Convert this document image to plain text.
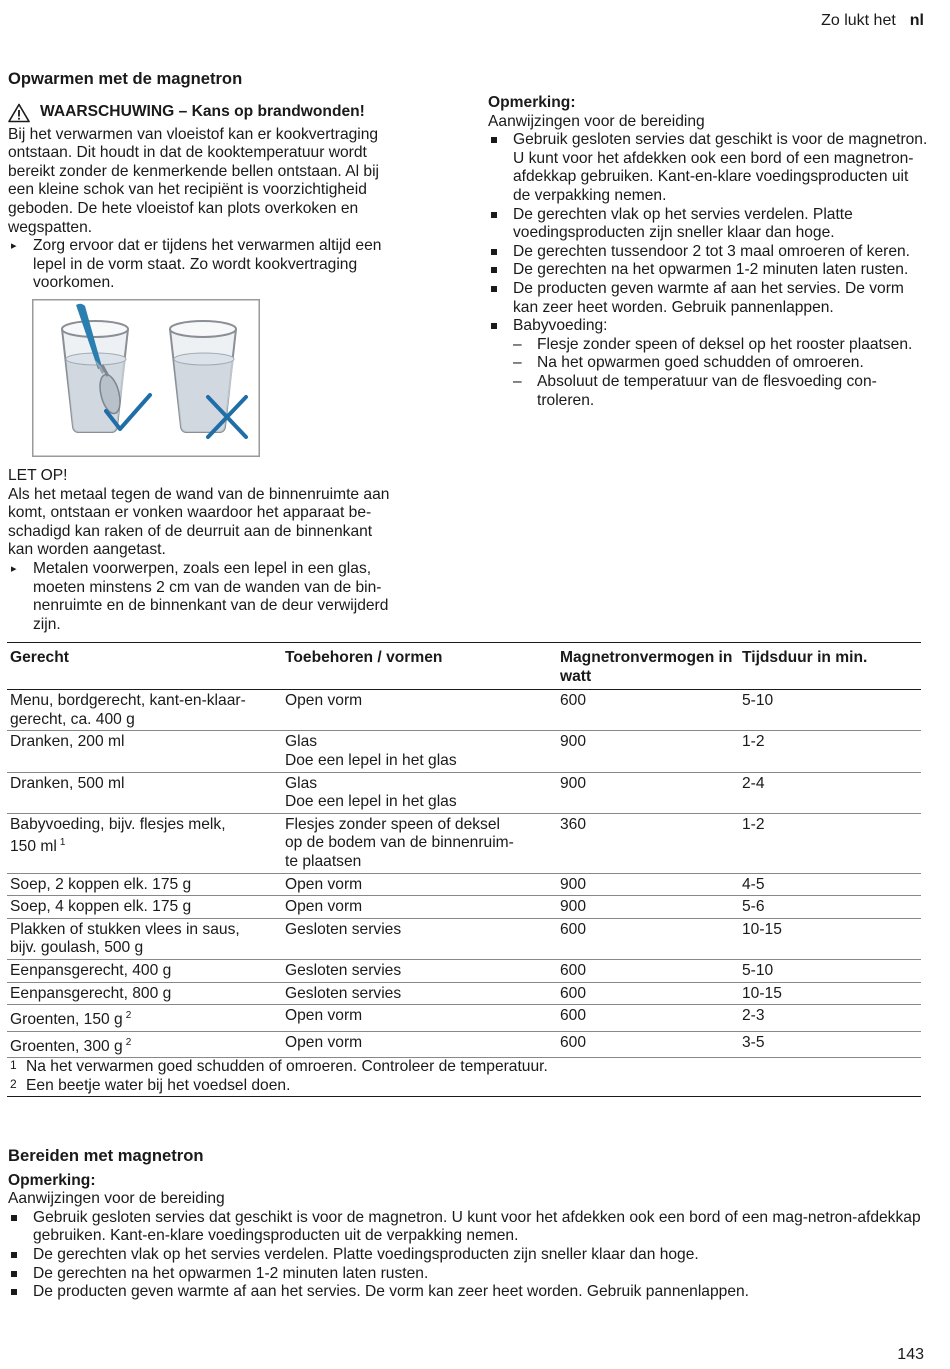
Zo lukt het nl

Opwarmen met de magnetron

WAARSCHUWING – Kans op brandwonden!

Bij het verwarmen van vloeistof kan er kookvertraging

ontstaan. Dit houdt in dat de kooktemperatuur wordt

bereikt zonder de kenmerkende bellen ontstaan. Al bij

een kleine schok van het recipiënt is voorzichtigheid

geboden. De hete vloeistof kan plots overkoken en

wegspatten.

▸ Zorg ervoor dat er tijdens het verwarmen altijd een

lepel in de vorm staat. Zo wordt kookvertraging

voorkomen.

LET OP!

Als het metaal tegen de wand van de binnenruimte aan

komt, ontstaan er vonken waardoor het apparaat be-

schadigd kan raken of de deurruit aan de binnenkant

kan worden aangetast.

▸ Metalen voorwerpen, zoals een lepel in een glas,

moeten minstens 2 cm van de wanden van de bin-

nenruimte en de binnenkant van de deur verwijderd

zijn.

Opmerking:

Aanwijzingen voor de bereiding

Gebruik gesloten servies dat geschikt is voor de magnetron. U kunt voor het afdekken ook een bord of een magnetron-afdekkap gebruiken. Kant-en-klare voedingsproducten uit de verpakking nemen.
De gerechten vlak op het servies verdelen. Platte voedingsproducten zijn sneller klaar dan hoge.
De gerechten tussendoor 2 tot 3 maal omroeren of keren.
De gerechten na het opwarmen 1-2 minuten laten rusten.
De producten geven warmte af aan het servies. De vorm kan zeer heet worden. Gebruik pannenlappen.
Babyvoeding:
– Flesje zonder speen of deksel op het rooster plaatsen.
– Na het opwarmen goed schudden of omroeren.
– Absoluut de temperatuur van de flesvoeding con-troleren.
Gerecht	Toebehoren / vormen	Magnetronvermogen in watt	Tijdsduur in min.
Menu, bordgerecht, kant-en-klaar-
gerecht, ca. 400 g	Open vorm	600	5-10
Dranken, 200 ml	Glas
Doe een lepel in het glas	900	1-2
Dranken, 500 ml	Glas
Doe een lepel in het glas	900	2-4
Babyvoeding, bijv. flesjes melk,
150 ml $^1$	Flesjes zonder speen of deksel
op de bodem van de binnenruim-
te plaatsen	360	1-2
Soep, 2 koppen elk. 175 g	Open vorm	900	4-5
Soep, 4 koppen elk. 175 g	Open vorm	900	5-6
Plakken of stukken vlees in saus,
bijv. goulash, 500 g	Gesloten servies	600	10-15
Eenpansgerecht, 400 g	Gesloten servies	600	5-10
Eenpansgerecht, 800 g	Gesloten servies	600	10-15
Groenten, 150 g $^2$	Open vorm	600	2-3
Groenten, 300 g $^2$	Open vorm	600	3-5

1 Na het verwarmen goed schudden of omroeren. Controleer de temperatuur.
2 Een beetje water bij het voedsel doen.			

Bereiden met magnetron

Opmerking:

Aanwijzingen voor de bereiding

Gebruik gesloten servies dat geschikt is voor de magnetron. U kunt voor het afdekken ook een bord of een mag-netron-afdekkap gebruiken. Kant-en-klare voedingsproducten uit de verpakking nemen.
De gerechten vlak op het servies verdelen. Platte voedingsproducten zijn sneller klaar dan hoge.
De gerechten na het opwarmen 1-2 minuten laten rusten.
De producten geven warmte af aan het servies. De vorm kan zeer heet worden. Gebruik pannenlappen.
143
